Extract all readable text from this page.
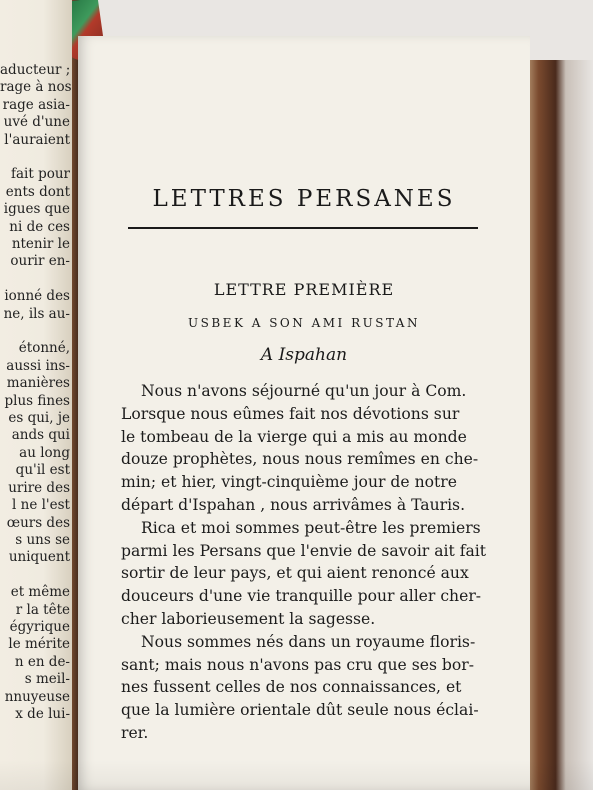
aducteur ;
rage à nos
rage asia-
uvé d'une
l'auraient
fait pour
ents dont
igues que
ni de ces
ntenir le
ourir en-
ionné des
ne, ils au-
étonné,
aussi ins-
manières
plus fines
es qui, je
ands qui
au long
qu'il est
urire des
l ne l'est
œurs des
s uns se
uniquent
et même
r la tête
égyrique
le mérite
n en de-
s meil-
nnuyeuse
x de lui-
LETTRES PERSANES
LETTRE PREMIÈRE
USBEK A SON AMI RUSTAN
A Ispahan
Nous n'avons séjourné qu'un jour à Com.
Lorsque nous eûmes fait nos dévotions sur
le tombeau de la vierge qui a mis au monde
douze prophètes, nous nous remîmes en che-
min; et hier, vingt-cinquième jour de notre
départ d'Ispahan , nous arrivâmes à Tauris.
Rica et moi sommes peut-être les premiers
parmi les Persans que l'envie de savoir ait fait
sortir de leur pays, et qui aient renoncé aux
douceurs d'une vie tranquille pour aller cher-
cher laborieusement la sagesse.
Nous sommes nés dans un royaume floris-
sant; mais nous n'avons pas cru que ses bor-
nes fussent celles de nos connaissances, et
que la lumière orientale dût seule nous éclai-
rer.
